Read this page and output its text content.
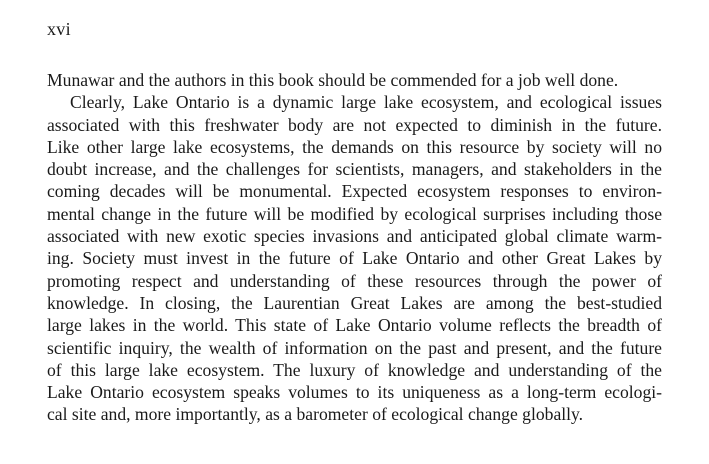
xvi
Munawar and the authors in this book should be commended for a job well done.
Clearly, Lake Ontario is a dynamic large lake ecosystem, and ecological issues
associated with this freshwater body are not expected to diminish in the future.
Like other large lake ecosystems, the demands on this resource by society will no
doubt increase, and the challenges for scientists, managers, and stakeholders in the
coming decades will be monumental. Expected ecosystem responses to environ-
mental change in the future will be modified by ecological surprises including those
associated with new exotic species invasions and anticipated global climate warm-
ing. Society must invest in the future of Lake Ontario and other Great Lakes by
promoting respect and understanding of these resources through the power of
knowledge. In closing, the Laurentian Great Lakes are among the best-studied
large lakes in the world. This state of Lake Ontario volume reflects the breadth of
scientific inquiry, the wealth of information on the past and present, and the future
of this large lake ecosystem. The luxury of knowledge and understanding of the
Lake Ontario ecosystem speaks volumes to its uniqueness as a long-term ecologi-
cal site and, more importantly, as a barometer of ecological change globally.
